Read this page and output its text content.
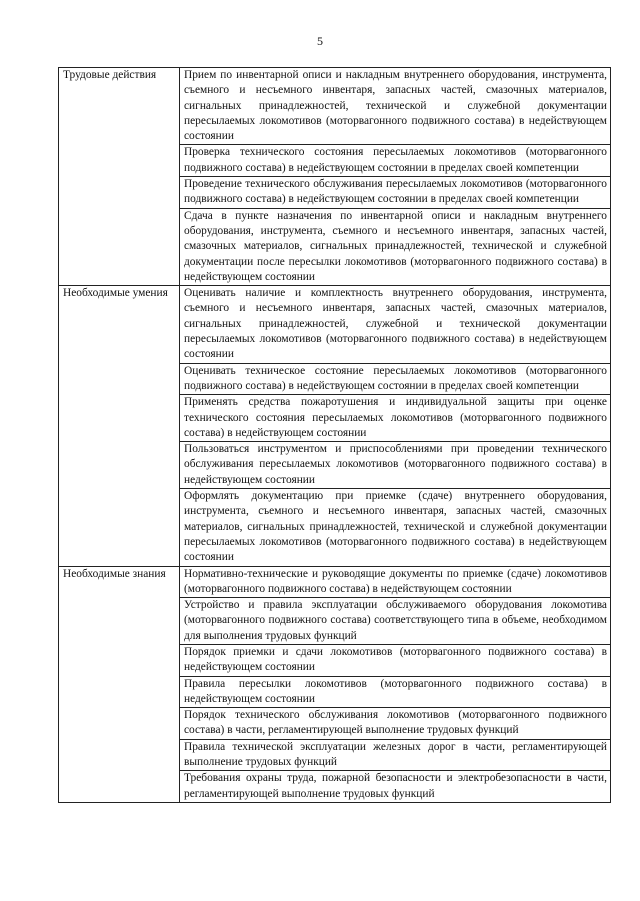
5
Трудовые действия	Прием по инвентарной описи и накладным внутреннего оборудования, инструмента, съемного и несъемного инвентаря, запасных частей, смазочных материалов, сигнальных принадлежностей, технической и служебной документации пересылаемых локомотивов (моторвагонного подвижного состава) в недействующем состоянии
	Проверка технического состояния пересылаемых локомотивов (моторвагонного подвижного состава) в недействующем состоянии в пределах своей компетенции
	Проведение технического обслуживания пересылаемых локомотивов (моторвагонного подвижного состава) в недействующем состоянии в пределах своей компетенции
	Сдача в пункте назначения по инвентарной описи и накладным внутреннего оборудования, инструмента, съемного и несъемного инвентаря, запасных частей, смазочных материалов, сигнальных принадлежностей, технической и служебной документации после пересылки локомотивов (моторвагонного подвижного состава) в недействующем состоянии
Необходимые умения	Оценивать наличие и комплектность внутреннего оборудования, инструмента, съемного и несъемного инвентаря, запасных частей, смазочных материалов, сигнальных принадлежностей, служебной и технической документации пересылаемых локомотивов (моторвагонного подвижного состава) в недействующем состоянии
	Оценивать техническое состояние пересылаемых локомотивов (моторвагонного подвижного состава) в недействующем состоянии в пределах своей компетенции
	Применять средства пожаротушения и индивидуальной защиты при оценке технического состояния пересылаемых локомотивов (моторвагонного подвижного состава) в недействующем состоянии
	Пользоваться инструментом и приспособлениями при проведении технического обслуживания пересылаемых локомотивов (моторвагонного подвижного состава) в недействующем состоянии
	Оформлять документацию при приемке (сдаче) внутреннего оборудования, инструмента, съемного и несъемного инвентаря, запасных частей, смазочных материалов, сигнальных принадлежностей, технической и служебной документации пересылаемых локомотивов (моторвагонного подвижного состава) в недействующем состоянии
Необходимые знания	Нормативно-технические и руководящие документы по приемке (сдаче) локомотивов (моторвагонного подвижного состава) в недействующем состоянии
	Устройство и правила эксплуатации обслуживаемого оборудования локомотива (моторвагонного подвижного состава) соответствующего типа в объеме, необходимом для выполнения трудовых функций
	Порядок приемки и сдачи локомотивов (моторвагонного подвижного состава) в недействующем состоянии
	Правила пересылки локомотивов (моторвагонного подвижного состава) в недействующем состоянии
	Порядок технического обслуживания локомотивов (моторвагонного подвижного состава) в части, регламентирующей выполнение трудовых функций
	Правила технической эксплуатации железных дорог в части, регламентирующей выполнение трудовых функций
	Требования охраны труда, пожарной безопасности и электробезопасности в части, регламентирующей выполнение трудовых функций
